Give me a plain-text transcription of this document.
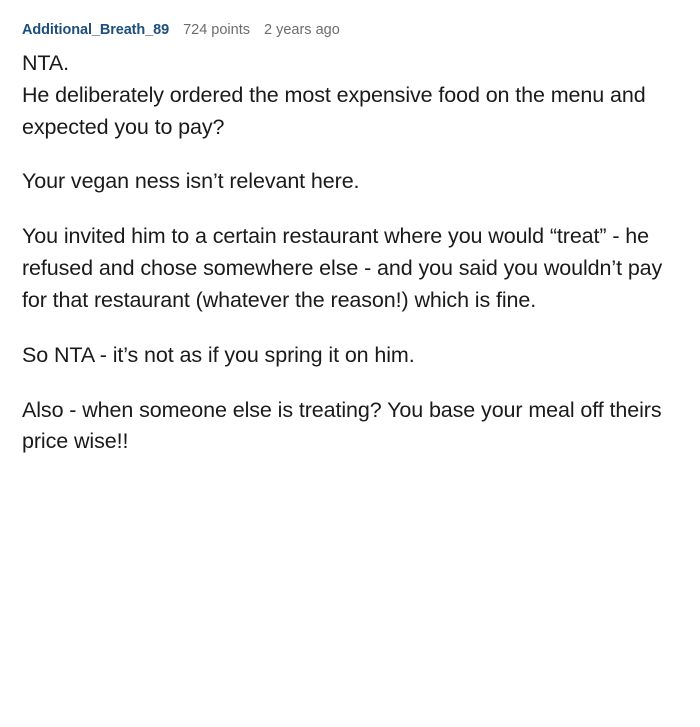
Additional_Breath_89 724 points 2 years ago

NTA.

He deliberately ordered the most expensive food on the menu and expected you to pay?

Your vegan ness isn’t relevant here.

You invited him to a certain restaurant where you would “treat” - he refused and chose somewhere else - and you said you wouldn’t pay for that restaurant (whatever the reason!) which is fine.

So NTA - it’s not as if you spring it on him.

Also - when someone else is treating? You base your meal off theirs price wise!!
